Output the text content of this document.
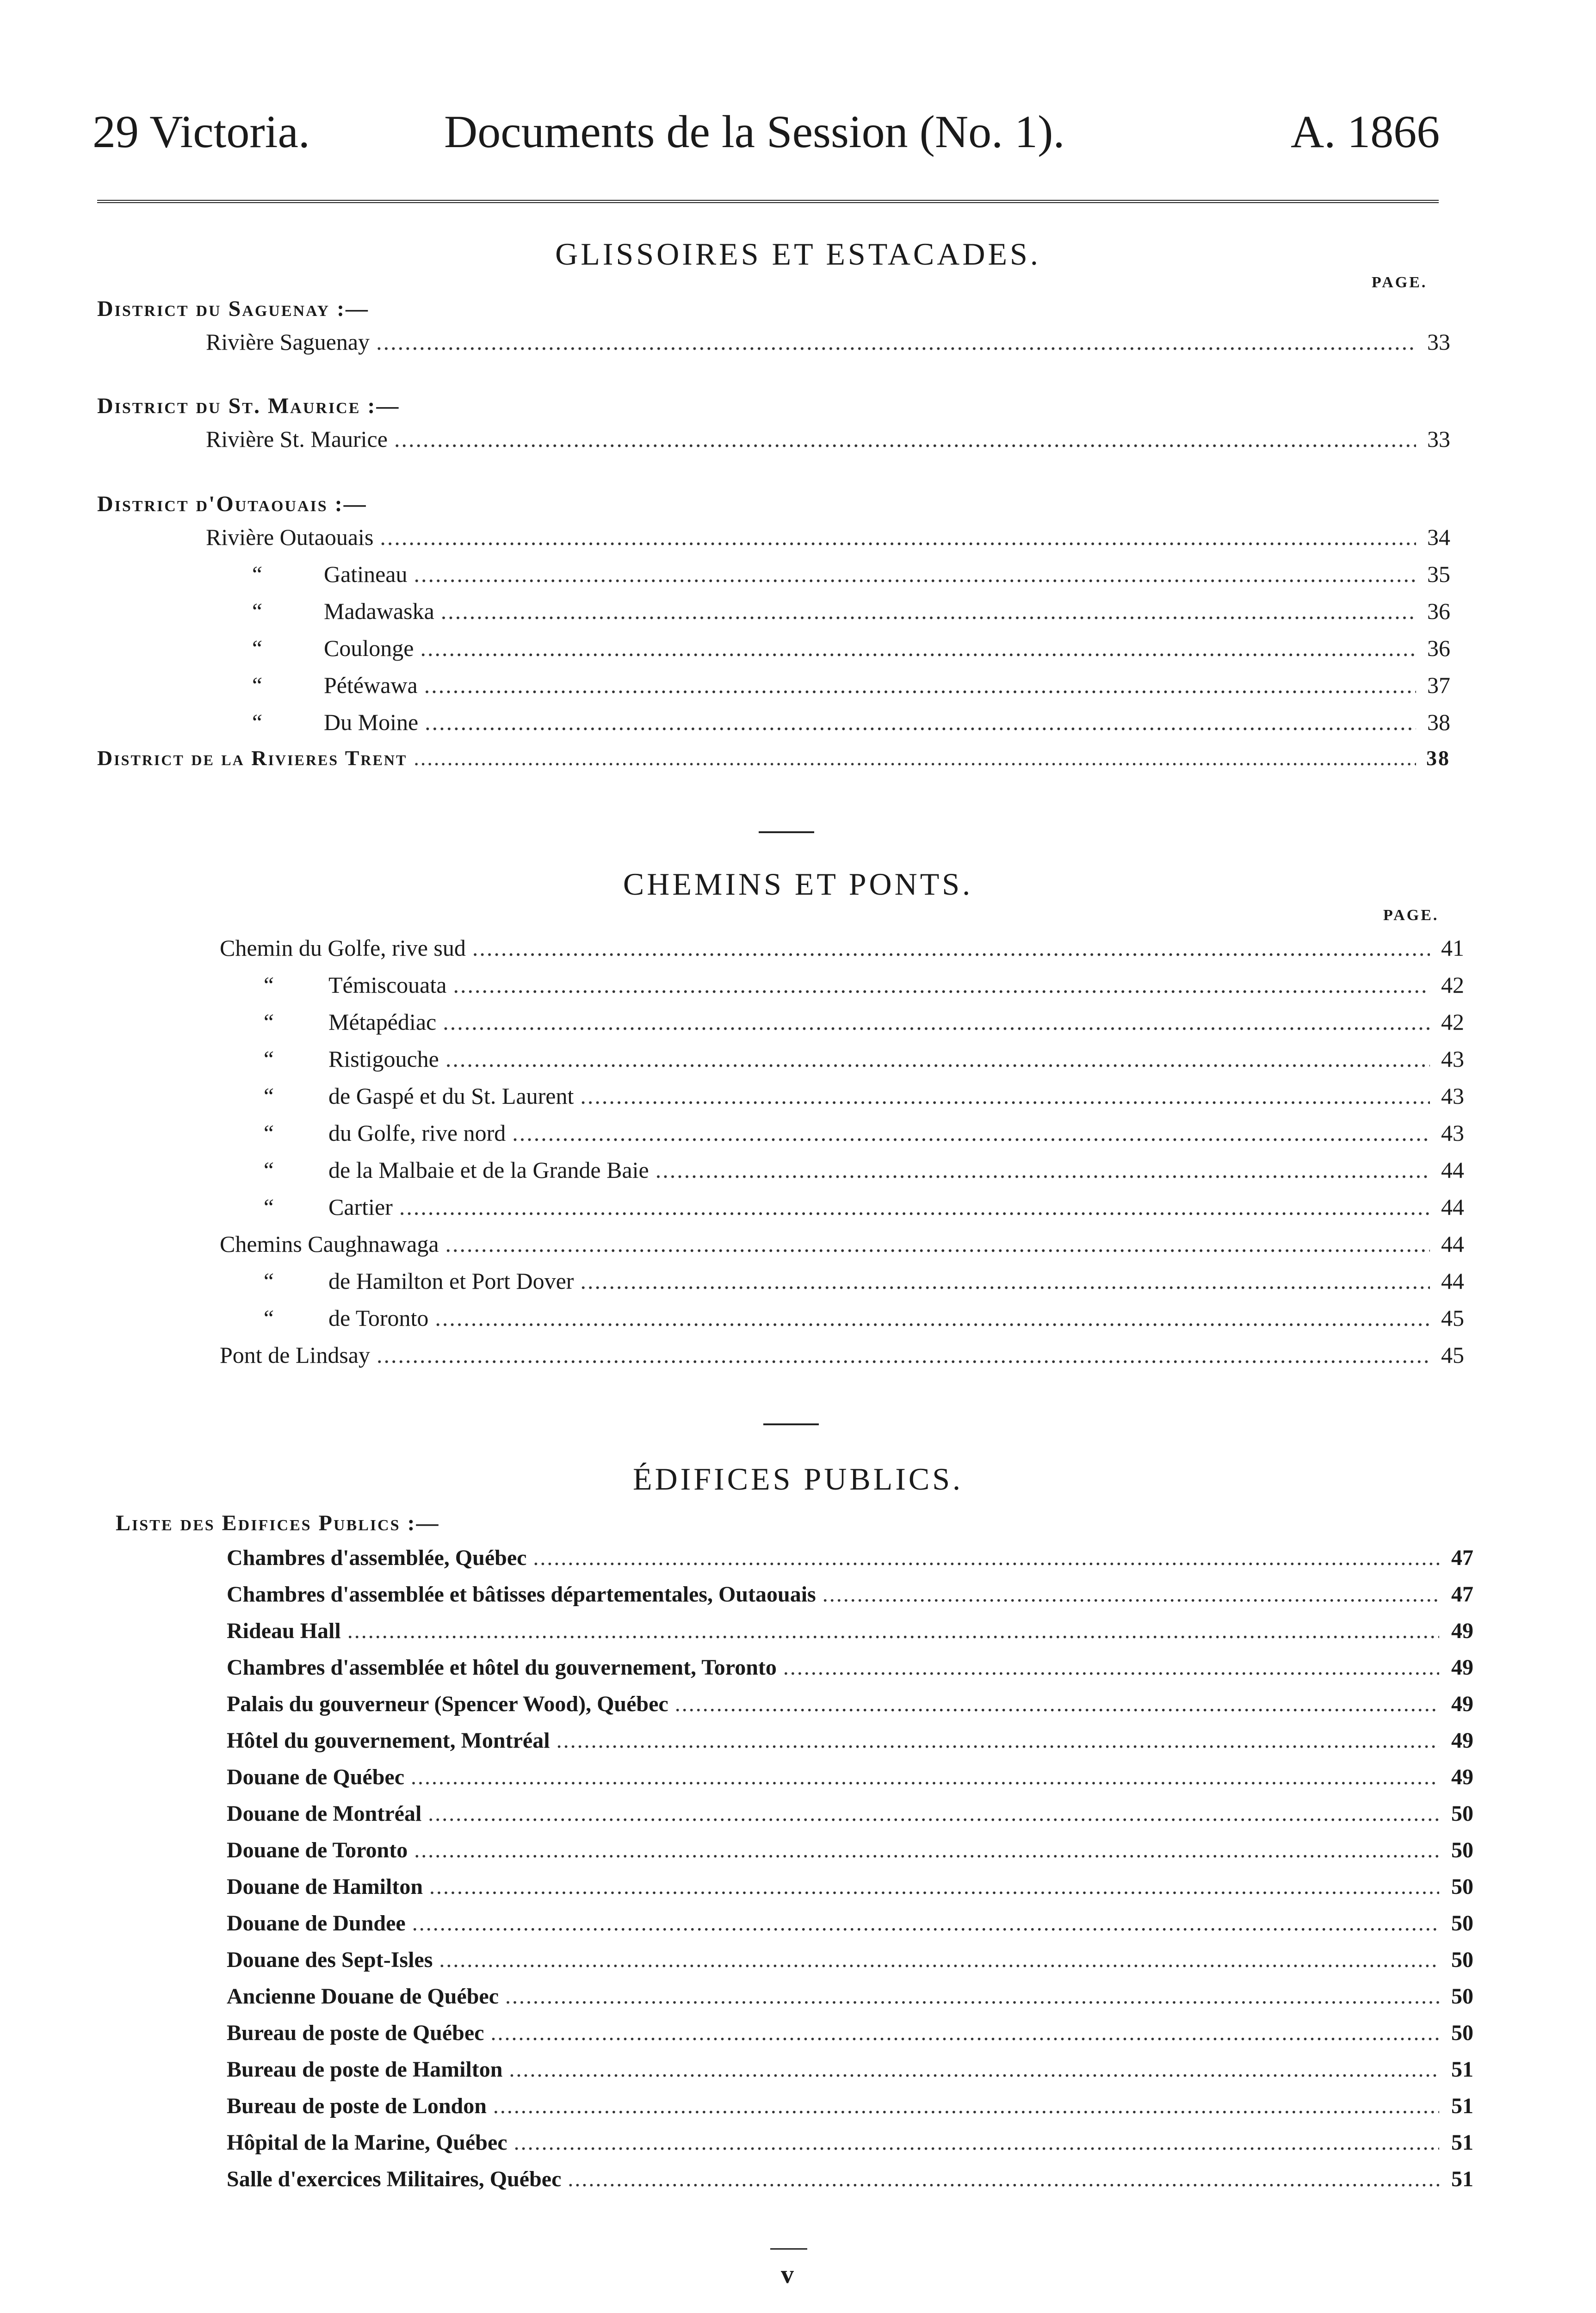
29 Victoria.	Documents de la Session (No. 1).	A. 1866
GLISSOIRES ET ESTACADES.
PAGE.
District du Saguenay :—
Rivière Saguenay .....	33
District du St. Maurice :—
Rivière St. Maurice .....	33
District d'Outaouais :—
Rivière Outaouais .....	34
“	Gatineau .....	35
“	Madawaska .....	36
“	Coulonge .....	36
“	Pétéwawa .....	37
“	Du Moine .....	38
District de la Rivieres Trent .....	38
CHEMINS ET PONTS.
PAGE.
Chemin du Golfe, rive sud .....	41
“	Témiscouata .....	42
“	Métapédiac .....	42
“	Ristigouche .....	43
“	de Gaspé et du St. Laurent .....	43
“	du Golfe, rive nord .....	43
“	de la Malbaie et de la Grande Baie .....	44
“	Cartier .....	44
Chemins Caughnawaga .....	44
“	de Hamilton et Port Dover .....	44
“	de Toronto .....	45
Pont de Lindsay .....	45
ÉDIFICES PUBLICS.
Liste des Edifices Publics :—
Chambres d'assemblée, Québec .....	47
Chambres d'assemblée et bâtisses départementales, Outaouais .....	47
Rideau Hall .....	49
Chambres d'assemblée et hôtel du gouvernement, Toronto .....	49
Palais du gouverneur (Spencer Wood), Québec .....	49
Hôtel du gouvernement, Montréal .....	49
Douane de Québec .....	49
Douane de Montréal .....	50
Douane de Toronto .....	50
Douane de Hamilton .....	50
Douane de Dundee .....	50
Douane des Sept-Isles .....	50
Ancienne Douane de Québec .....	50
Bureau de poste de Québec .....	50
Bureau de poste de Hamilton .....	51
Bureau de poste de London .....	51
Hôpital de la Marine, Québec .....	51
Salle d'exercices Militaires, Québec .....	51
v
